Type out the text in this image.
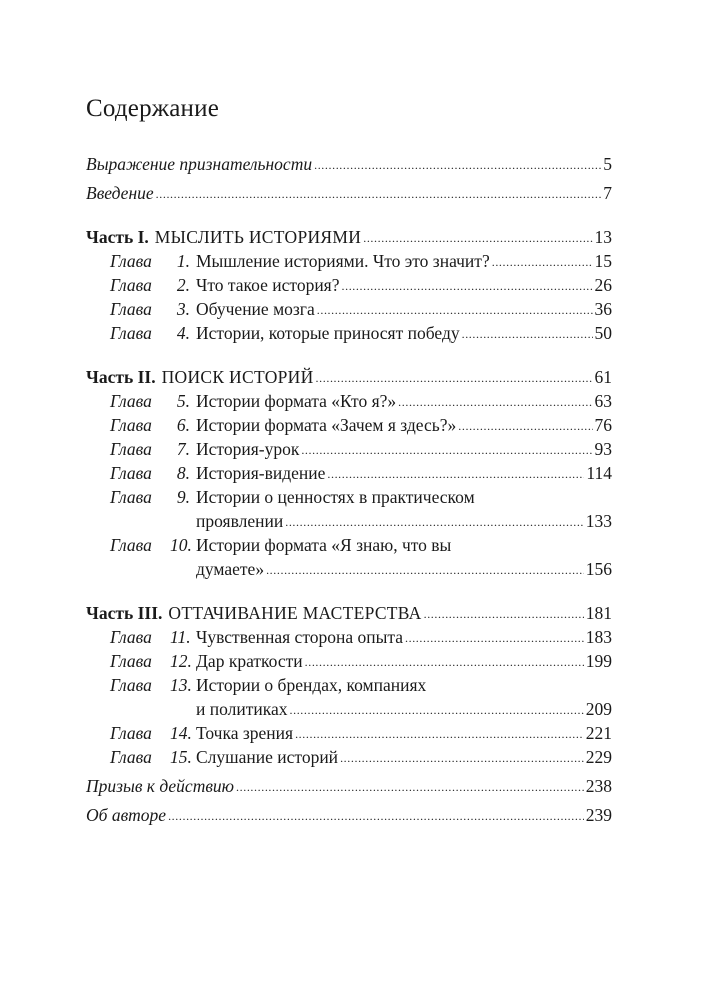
Содержание
Выражение признательности . . .	5
Введение . . .	7
Часть I. МЫСЛИТЬ ИСТОРИЯМИ . . .	13
Глава 1. Мышление историями. Что это значит? . . .	15
Глава 2. Что такое история? . . .	26
Глава 3. Обучение мозга . . .	36
Глава 4. Истории, которые приносят победу . . .	50
Часть II. ПОИСК ИСТОРИЙ . . .	61
Глава 5. Истории формата «Кто я?» . . .	63
Глава 6. Истории формата «Зачем я здесь?» . . .	76
Глава 7. История-урок . . .	93
Глава 8. История-видение . . .	114
Глава 9. Истории о ценностях в практическом
проявлении . . .	133
Глава 10. Истории формата «Я знаю, что вы
думаете» . . .	156
Часть III. ОТТАЧИВАНИЕ МАСТЕРСТВА . . .	181
Глава 11. Чувственная сторона опыта . . .	183
Глава 12. Дар краткости . . .	199
Глава 13. Истории о брендах, компаниях
и политиках . . .	209
Глава 14. Точка зрения . . .	221
Глава 15. Слушание историй . . .	229
Призыв к действию . . .	238
Об авторе . . .	239
